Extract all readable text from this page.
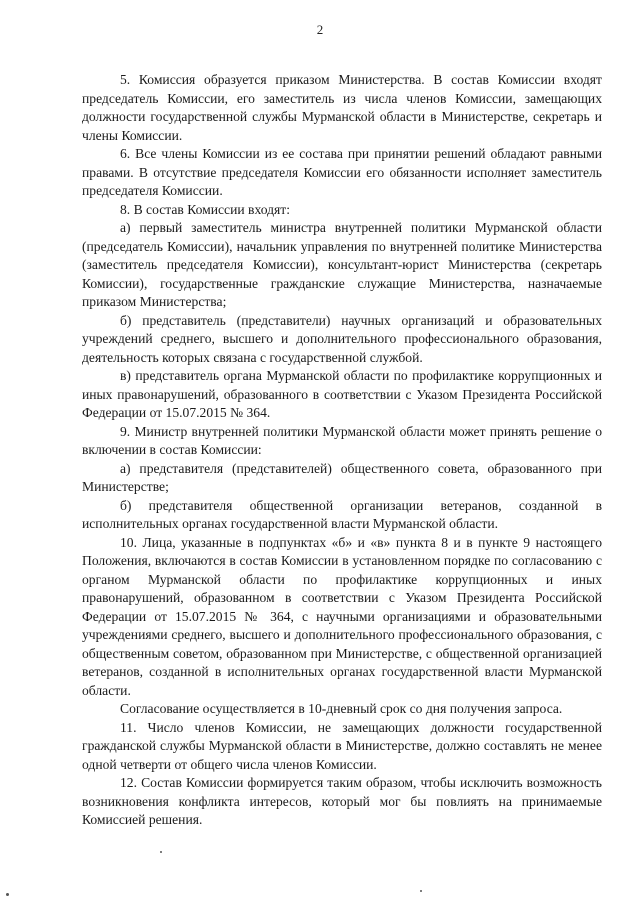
2

5. Комиссия образуется приказом Министерства. В состав Комиссии входят председатель Комиссии, его заместитель из числа членов Комиссии, замещающих должности государственной службы Мурманской области в Министерстве, секретарь и члены Комиссии.

6. Все члены Комиссии из ее состава при принятии решений обладают равными правами. В отсутствие председателя Комиссии его обязанности исполняет заместитель председателя Комиссии.

8. В состав Комиссии входят:

а) первый заместитель министра внутренней политики Мурманской области (председатель Комиссии), начальник управления по внутренней политике Министерства (заместитель председателя Комиссии), консультант-юрист Министерства (секретарь Комиссии), государственные гражданские служащие Министерства, назначаемые приказом Министерства;

б) представитель (представители) научных организаций и образовательных учреждений среднего, высшего и дополнительного профессионального образования, деятельность которых связана с государственной службой.

в) представитель органа Мурманской области по профилактике коррупционных и иных правонарушений, образованного в соответствии с Указом Президента Российской Федерации от 15.07.2015 № 364.

9. Министр внутренней политики Мурманской области может принять решение о включении в состав Комиссии:

а) представителя (представителей) общественного совета, образованного при Министерстве;

б) представителя общественной организации ветеранов, созданной в исполнительных органах государственной власти Мурманской области.

10. Лица, указанные в подпунктах «б» и «в» пункта 8 и в пункте 9 настоящего Положения, включаются в состав Комиссии в установленном порядке по согласованию с органом Мурманской области по профилактике коррупционных и иных правонарушений, образованном в соответствии с Указом Президента Российской Федерации от 15.07.2015 № 364, с научными организациями и образовательными учреждениями среднего, высшего и дополнительного профессионального образования, с общественным советом, образованном при Министерстве, с общественной организацией ветеранов, созданной в исполнительных органах государственной власти Мурманской области.

Согласование осуществляется в 10-дневный срок со дня получения запроса.

11. Число членов Комиссии, не замещающих должности государственной гражданской службы Мурманской области в Министерстве, должно составлять не менее одной четверти от общего числа членов Комиссии.

12. Состав Комиссии формируется таким образом, чтобы исключить возможность возникновения конфликта интересов, который мог бы повлиять на принимаемые Комиссией решения.
